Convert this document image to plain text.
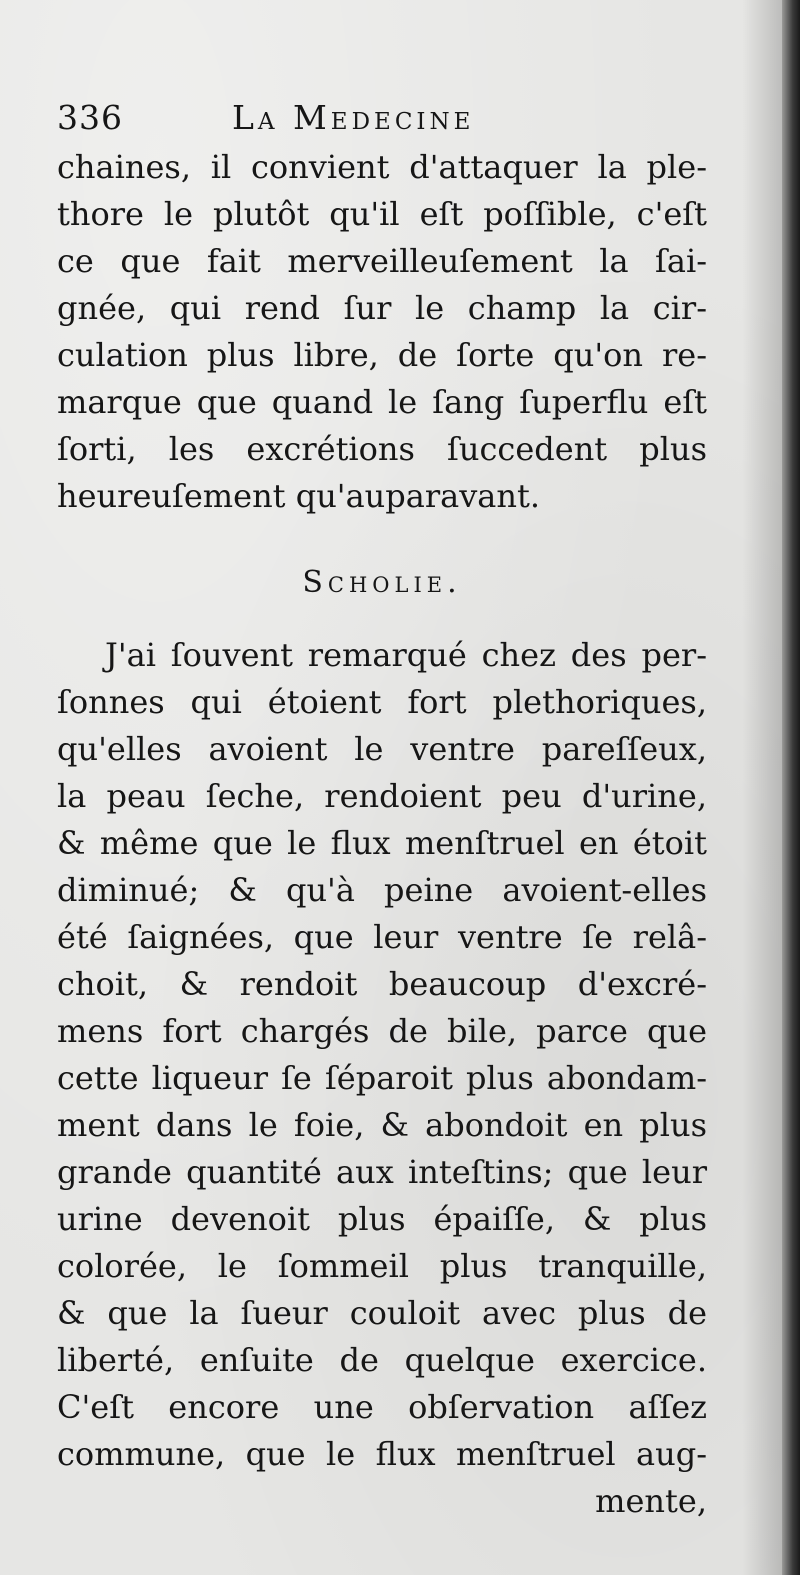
336	La Medecine
chaines, il convient d'attaquer la ple-
thore le plutôt qu'il eſt poſſible, c'eſt
ce que fait merveilleuſement la ſai-
gnée, qui rend ſur le champ la cir-
culation plus libre, de ſorte qu'on re-
marque que quand le ſang ſuperflu eſt
ſorti, les excrétions ſuccedent plus
heureuſement qu'auparavant.
Scholie.
J'ai ſouvent remarqué chez des per-
ſonnes qui étoient fort plethoriques,
qu'elles avoient le ventre pareſſeux,
la peau ſeche, rendoient peu d'urine,
& même que le flux menſtruel en étoit
diminué; & qu'à peine avoient-elles
été ſaignées, que leur ventre ſe relâ-
choit, & rendoit beaucoup d'excré-
mens fort chargés de bile, parce que
cette liqueur ſe ſéparoit plus abondam-
ment dans le foie, & abondoit en plus
grande quantité aux inteſtins; que leur
urine devenoit plus épaiſſe, & plus
colorée, le ſommeil plus tranquille,
& que la ſueur couloit avec plus de
liberté, enſuite de quelque exercice.
C'eſt encore une obſervation aſſez
commune, que le flux menſtruel aug-
mente,
